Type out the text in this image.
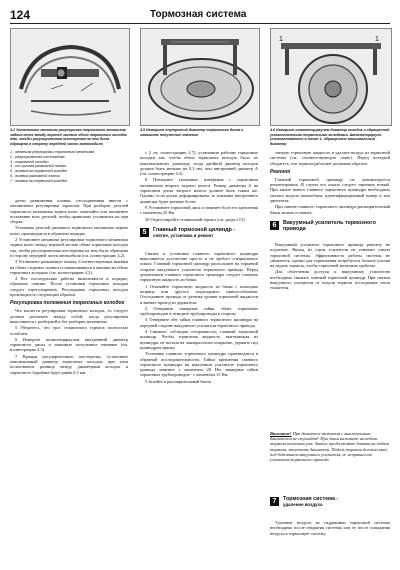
124	Тормозная система
1	1
4.2 Установите механизм регулировки тормозного механизма задних колес между верхней частью обеих тормозных колодок так, чтобы регулировочная шестеренка на нем была обращена в сторону передней части автомобиля
4.5 Измерьте внутренний диаметр тормозного диска и запишите полученное значение
4.6 Измерьте штангенциркулем диаметр колодок и обращенной установленными тормозными колодками. Штангенциркуль устанавливается в точке 1, обращенных максимальный диаметр
1 - механизм регулировки тормозного механизма
2 - регулировочная шестеренка
3 - тормозной колодки
4 - ось рычага разжимной планки
5 - выемка на тормозной колодке
6 - выемка разжимной планки
7 - выемка на тормозной колодке

датчи развижения планки, отсоединенная ввести с механизмом регулировки тормозов. При разборке деталей тормозного механизма задних колес отмечайте или запомните положение всех деталей, чтобы правильно установить их при сборке.

Установка деталей дискового тормозного механизма задних колес производится в обратном порядке.

2 Установите механизм регулировки тормозного механизма задних колес между верхней частью обеих тормозных колодок так, чтобы регулировочная шестеренка на нем была обращена в сторону передней части автомобиля (см. иллюстрацию 4.2).

3 Установите разжимную планку. Соответствующие выемки на обеих сторонах планки устанавливаются в выемки на обеих тормозных колодках (см. иллюстрацию 4.2).

4 Все последующие работы выполняются в порядке, обратном снятию. После установки тормозные колодки следует отрегулировать. Регулировка тормозных колодок производится следующим образом.

Регулировка положения тормозных колодок

Что касается регулировки тормозных колодок, то следует должен различать между собой, когда регулировки выполняется с разборкой и без разборки механизма.

5 Убедитесь, что трос стояночного тормоза полностью ослаблен.

6 Измерьте штангенциркулем внутренний диаметр тормозного диска и запишите полученное значение (см. иллюстрацию 4.5).

7 Вращая регулировочную шестеренку, установите максимальный диаметр тормозных колодок, при этом пользоваться разница между диаметрами колодок и тормозного барабана будет равна 0,3 мм.

с 2 см. иллюстрацию 4.7), установите рабочие тормозные колодки так, чтобы обеих тормозных колодок было по максимальному диаметру, тогда двойной диаметр колодок должен быть меньше на 0,3 мм, чем внутренний диаметр А (см. иллюстрацию 4.5).

8 Повторите указанные измерения с тормозным механизмом второго заднего колеса. Размер диаметра А на тормозном диске второго колеса должен быть таким же. Однако, если диски деформированы, то значение внутреннего диаметра будет меньше более.

9 Установите тормозной диск и затяните болт его крепления с моментом 25 Нм.

10 Отрегулируйте стояночный тормоз (см. раздел 15).

5	Главный тормозной цилиндр -
снятие, установка и ремонт

Снятие и установка главного тормозного цилиндра выполняется достаточно просто и не требует специального опыта. Главный тормозной цилиндр расположен на торцевой стороне вакуумного усилителя тормозного привода. Перед демонтажем главного тормозного цилиндра следует откачать тормозную жидкость из бачка.

1 Откачайте тормозную жидкость из бачка с помощью шприца или другого подходящего приспособления. Отсоедините провода от датчика уровня тормозной жидкости и выньте провод из держателя.

2 Отверните накидные гайки обеих тормозных трубопроводов и отведите трубопроводы в сторону.

3 Отверните обе гайки главного тормозного цилиндра на передней стороне вакуумного усилителя тормозного привода.

4 Снимите, соблюдая осторожность, главный тормозной цилиндр. Чтобы тормозная жидкость, вытекающая из цилиндра, не попала на лакокрасочное покрытие, держите под цилиндром тряпку.

Установка главного тормозного цилиндра производится в обратной последовательности. Гайки крепления главного тормозного цилиндра на вакуумном усилителе тормозного привода затяните с моментом 20 Нм, накидные гайки тормозных трубопроводов - с моментом 15 Нм.

5 Залейте в расширительный бачок

свежую тормозную жидкость и удалите воздух из тормозной системы (см. соответствующую главу). Перед поездкой убедитесь, что тормоза работают должным образом.

Ремонт

Главный тормозной цилиндр не рекомендуется ремонтировать. В случае его отказа следует заменить новый. При заказе нового главного тормозного цилиндра необходимо указать модель автомобиля, идентификационный номер и тип двигателя.

При замене главного тормозного цилиндра расширительный бачок можно оставить.

6	Вакуумный усилитель тормозного привода

Вакуумный усилитель тормозного привода ремонту не подлежит. Выход из строя усилителя не означает отказа тормозной системы. Эффективность работы системы не снижается, однако для торможения потребуется больше усилия на педаль тормоза, чтобы тормозной механизм сработал.

Для облегчения доступа к вакуумному усилителю необходимо снимать главный тормозной цилиндр. При снятии вакуумного усилителя от педали тормоза отсоедините шток толкателя.

Внимание! При двигателе нажатом с выключенным двигателем не спускайте! При этом нажмите на педаль тормоза несколько раз. Затем, продолжайте давить на педаль тормоза, запустите двигатель. Педаль тормоза должна вниз под действием вакуумного усилителя, ее исправности усилителя тормозного привода.
7	Тормозная система -
удаление воздуха

Удаление воздуха из гидравлики тормозной системы необходимо после открытия системы или ее после попадания воздуха в тормозную систему.
